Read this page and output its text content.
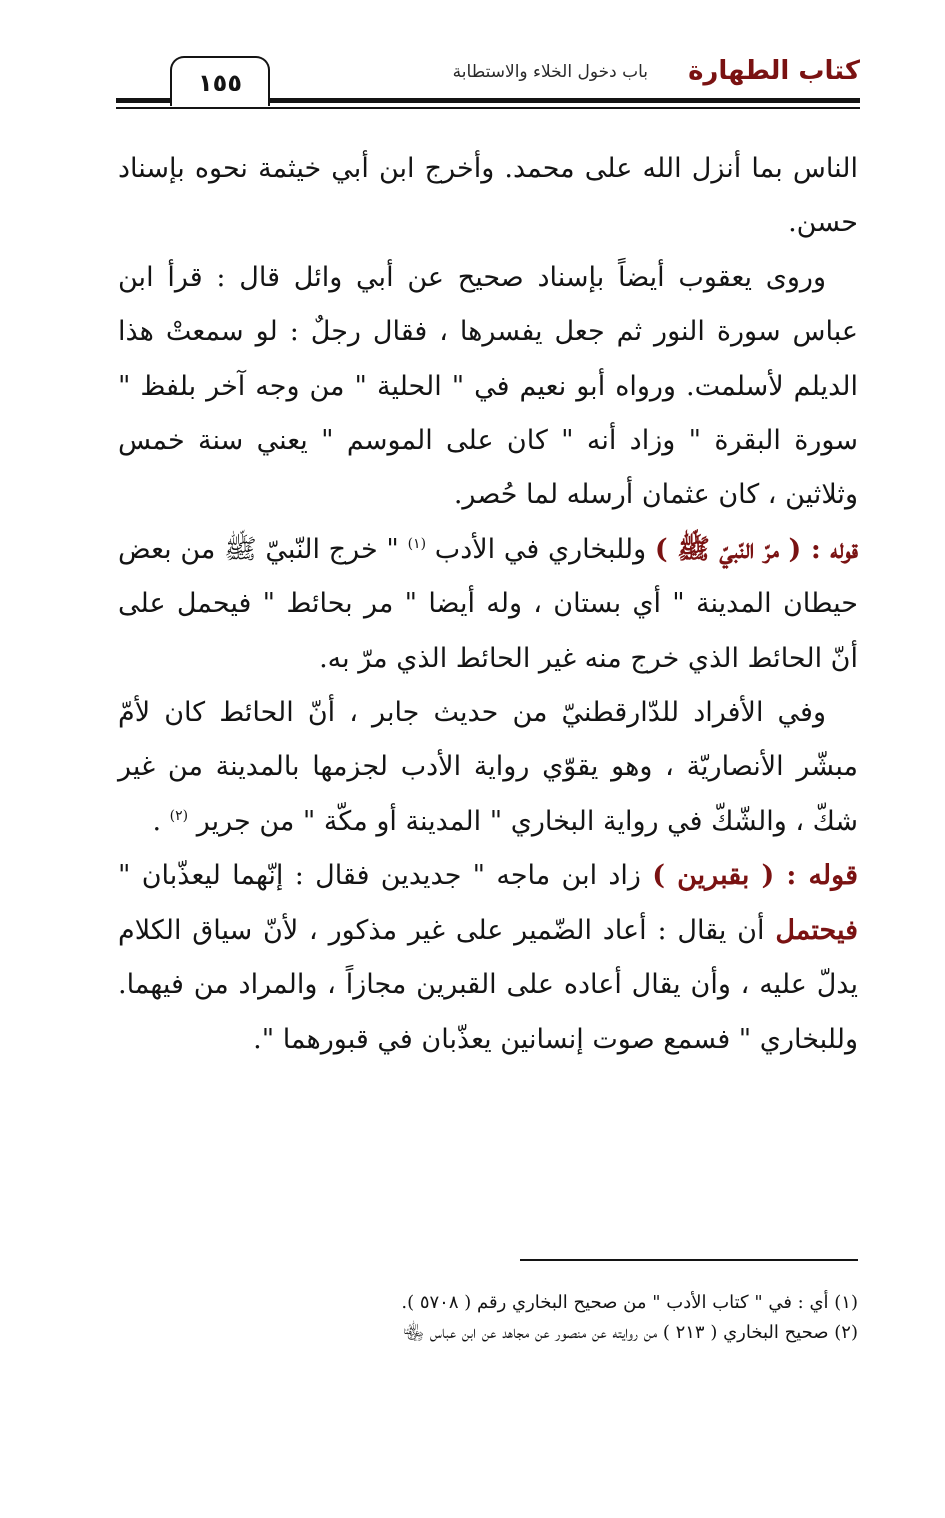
كتاب الطهارة
باب دخول الخلاء والاستطابة
١٥٥

الناس بما أنزل الله على محمد. وأخرج ابن أبي خيثمة نحوه بإسناد حسن.

وروى يعقوب أيضاً بإسناد صحيح عن أبي وائل قال : قرأ ابن عباس سورة النور ثم جعل يفسرها ، فقال رجلٌ : لو سمعتْ هذا الديلم لأسلمت. ورواه أبو نعيم في " الحلية " من وجه آخر بلفظ " سورة البقرة " وزاد أنه " كان على الموسم " يعني سنة خمس وثلاثين ، كان عثمان أرسله لما حُصر.

قوله : ( مرّ النّبيّ ﷺ ) وللبخاري في الأدب $^{(١)}$ " خرج النّبيّ ﷺ من بعض حيطان المدينة " أي بستان ، وله أيضا " مر بحائط " فيحمل على أنّ الحائط الذي خرج منه غير الحائط الذي مرّ به.

وفي الأفراد للدّارقطنيّ من حديث جابر ، أنّ الحائط كان لأمّ مبشّر الأنصاريّة ، وهو يقوّي رواية الأدب لجزمها بالمدينة من غير شكّ ، والشّكّ في رواية البخاري " المدينة أو مكّة " من جرير $^{(٢)}$ .

قوله : ( بقبرين ) زاد ابن ماجه " جديدين فقال : إنّهما ليعذّبان " فيحتمل أن يقال : أعاد الضّمير على غير مذكور ، لأنّ سياق الكلام يدلّ عليه ، وأن يقال أعاده على القبرين مجازاً ، والمراد من فيهما. وللبخاري " فسمع صوت إنسانين يعذّبان في قبورهما ".

(١) أي : في " كتاب الأدب " من صحيح البخاري رقم ( ٥٧٠٨ ).

(٢) صحيح البخاري ( ٢١٣ ) من روايته عن منصور عن مجاهد عن ابن عباس ﵄
